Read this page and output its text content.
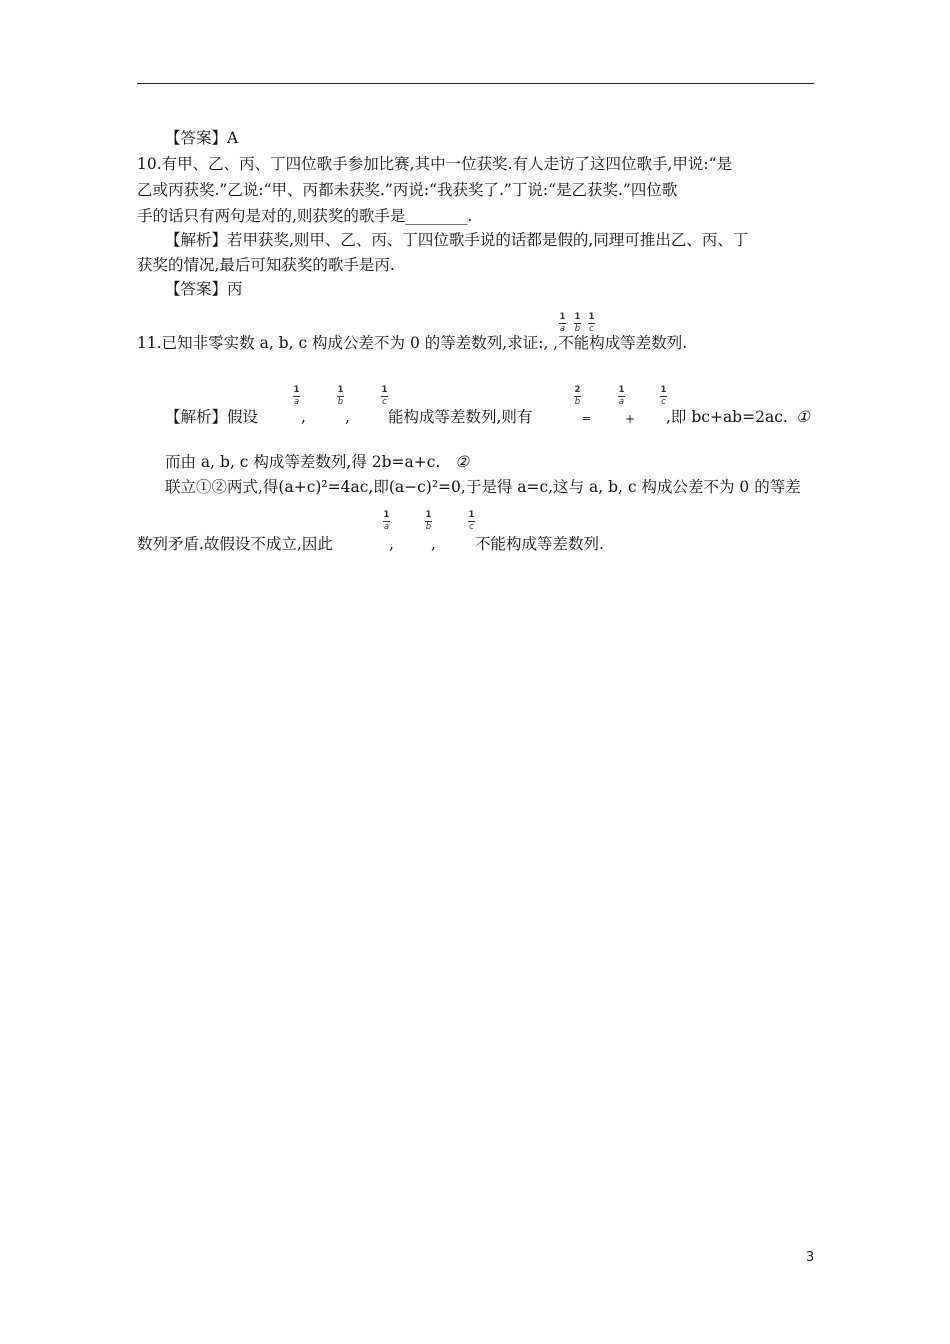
【答案】A
10.有甲、乙、丙、丁四位歌手参加比赛,其中一位获奖.有人走访了这四位歌手,甲说:“是
乙或丙获奖.”乙说:“甲、丙都未获奖.”丙说:“我获奖了.”丁说:“是乙获奖.”四位歌
手的话只有两句是对的,则获奖的歌手是________.
【解析】若甲获奖,则甲、乙、丙、丁四位歌手说的话都是假的,同理可推出乙、丙、丁
获奖的情况,最后可知获奖的歌手是丙.
【答案】丙
11.已知非零实数 a, b, c 构成公差不为 0 的等差数列,求证:, ,不能构成等差数列.
1
a
1
b
1
c
【解析】假设
1
a
,
1
b
,
1
c
能构成等差数列,则有
2
b
=
1
a
+
1
c
,即 bc+ab=2ac. ①
而由 a, b, c 构成等差数列,得 2b=a+c. ②
联立①②两式,得(a+c)²=4ac,即(a−c)²=0,于是得 a=c,这与 a, b, c 构成公差不为 0 的等差
数列矛盾.故假设不成立,因此
1
a
,
1
b
,
1
c
不能构成等差数列.
3
